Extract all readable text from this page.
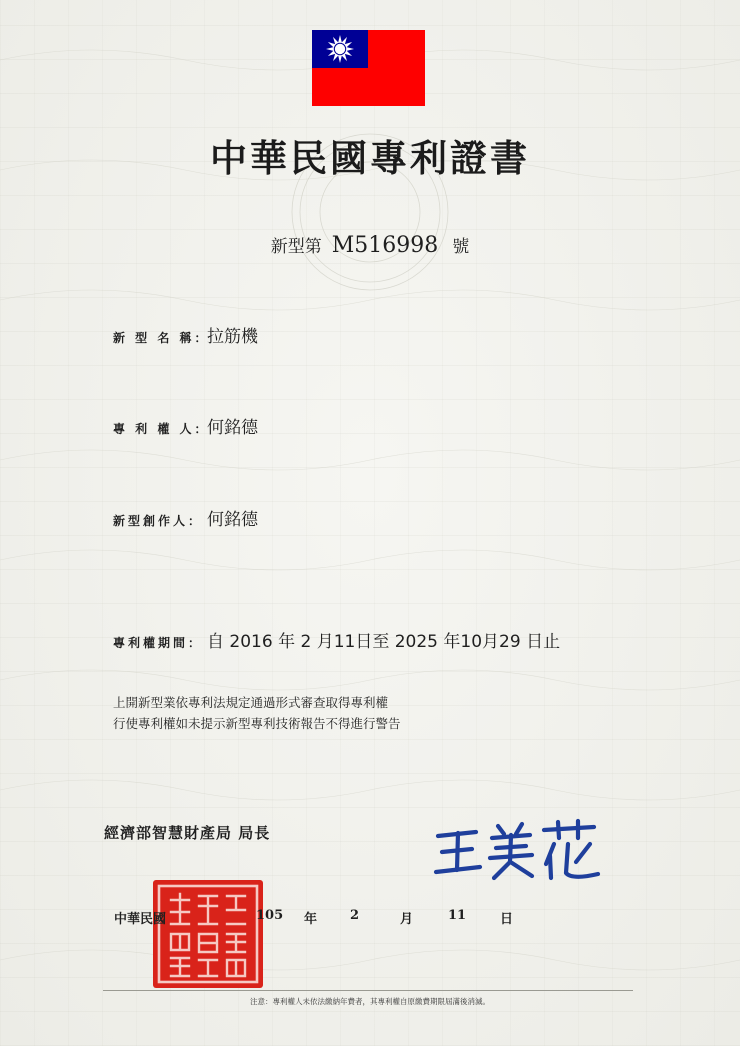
中華民國專利證書
新型第 M516998 號
新 型 名 稱：拉筋機
專 利 權 人：何銘德
新型創作人： 何銘德
專利權期間： 自 2016 年 2 月11日至 2025 年10月29 日止
上開新型業依專利法規定通過形式審查取得專利權
行使專利權如未提示新型專利技術報告不得進行警告
經濟部智慧財產局 局長
中華民國	105 年	2	月	11	日
注意：專利權人未依法繳納年費者，其專利權自原繳費期限屆滿後消滅。
